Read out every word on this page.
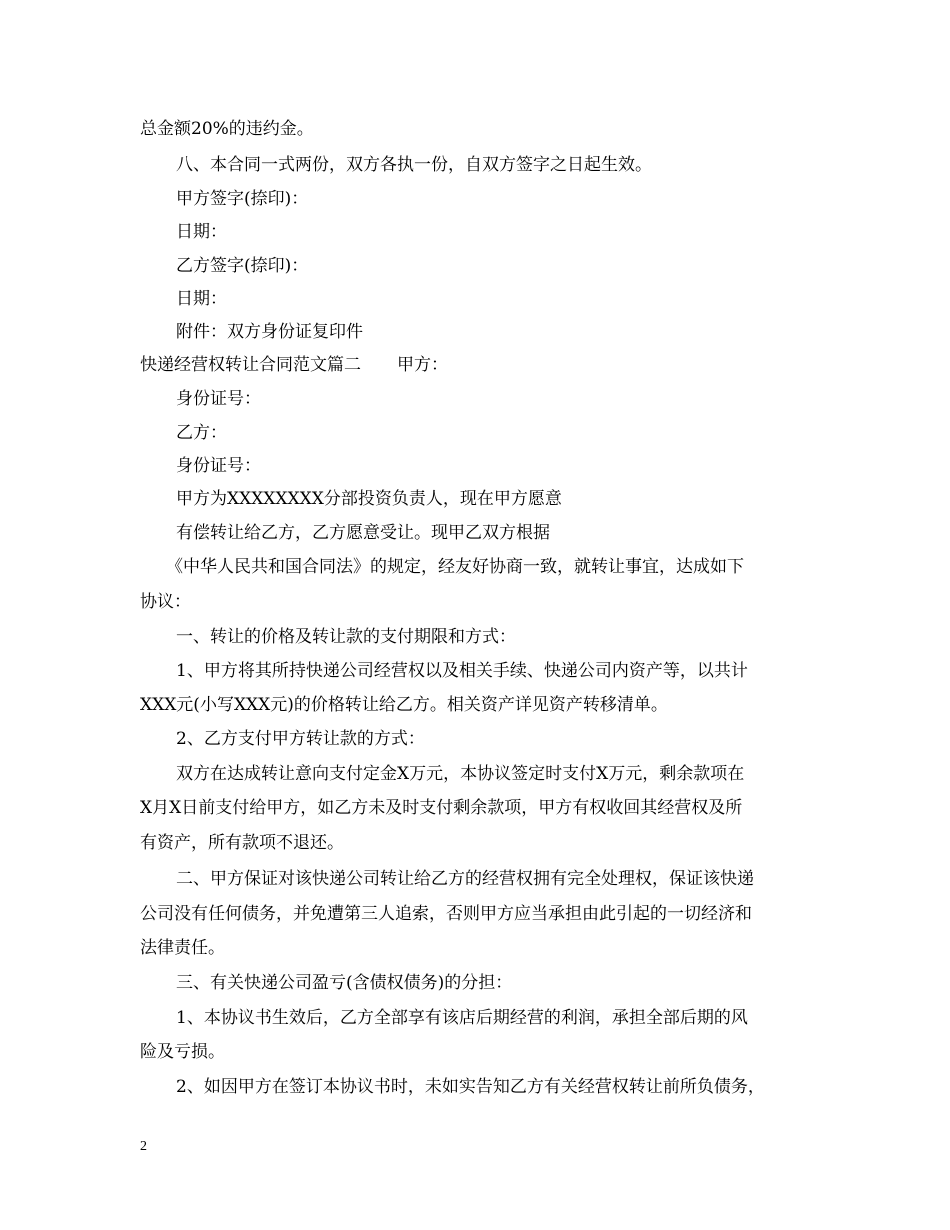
总金额20%的违约金。
八、本合同一式两份，双方各执一份，自双方签字之日起生效。
甲方签字(捺印)：
日期：
乙方签字(捺印)：
日期：
附件：双方身份证复印件
快递经营权转让合同范文篇二 甲方：
身份证号：
乙方：
身份证号：
甲方为XXXXXXXX分部投资负责人，现在甲方愿意
有偿转让给乙方，乙方愿意受让。现甲乙双方根据
《中华人民共和国合同法》的规定，经友好协商一致，就转让事宜，达成如下
协议：
一、转让的价格及转让款的支付期限和方式：
1、甲方将其所持快递公司经营权以及相关手续、快递公司内资产等，以共计
XXX元(小写XXX元)的价格转让给乙方。相关资产详见资产转移清单。
2、乙方支付甲方转让款的方式：
双方在达成转让意向支付定金X万元，本协议签定时支付X万元，剩余款项在
X月X日前支付给甲方，如乙方未及时支付剩余款项，甲方有权收回其经营权及所
有资产，所有款项不退还。
二、甲方保证对该快递公司转让给乙方的经营权拥有完全处理权，保证该快递
公司没有任何债务，并免遭第三人追索，否则甲方应当承担由此引起的一切经济和
法律责任。
三、有关快递公司盈亏(含债权债务)的分担：
1、本协议书生效后，乙方全部享有该店后期经营的利润，承担全部后期的风
险及亏损。
2、如因甲方在签订本协议书时，未如实告知乙方有关经营权转让前所负债务，
2
